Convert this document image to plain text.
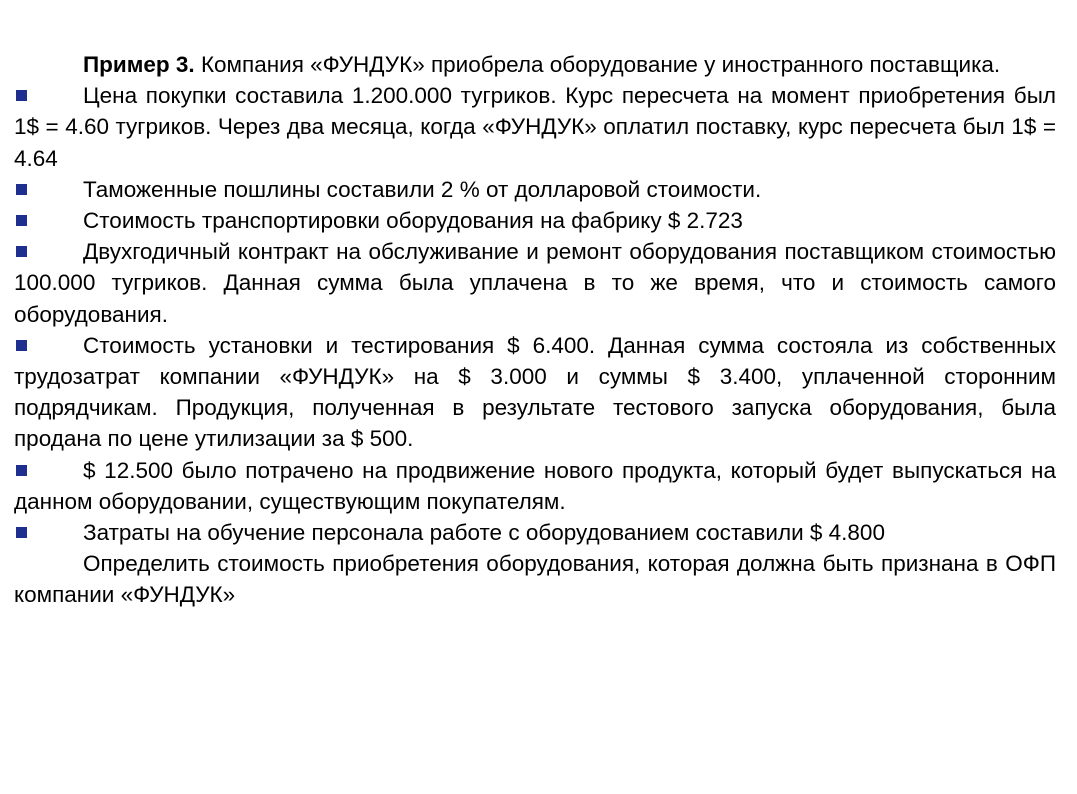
Пример 3. Компания «ФУНДУК» приобрела оборудование у иностранного поставщика.

Цена покупки составила 1.200.000 тугриков. Курс пересчета на момент приобретения был 1$ = 4.60 тугриков. Через два месяца, когда «ФУНДУК» оплатил поставку, курс пересчета был 1$ = 4.64

Таможенные пошлины составили 2 % от долларовой стоимости.

Стоимость транспортировки оборудования на фабрику $ 2.723

Двухгодичный контракт на обслуживание и ремонт оборудования поставщиком стоимостью 100.000 тугриков. Данная сумма была уплачена в то же время, что и стоимость самого оборудования.

Стоимость установки и тестирования $ 6.400. Данная сумма состояла из собственных трудозатрат компании «ФУНДУК» на $ 3.000 и суммы $ 3.400, уплаченной сторонним подрядчикам. Продукция, полученная в результате тестового запуска оборудования, была продана по цене утилизации за $ 500.

$ 12.500 было потрачено на продвижение нового продукта, который будет выпускаться на данном оборудовании, существующим покупателям.

Затраты на обучение персонала работе с оборудованием составили $ 4.800

Определить стоимость приобретения оборудования, которая должна быть признана в ОФП компании «ФУНДУК»
